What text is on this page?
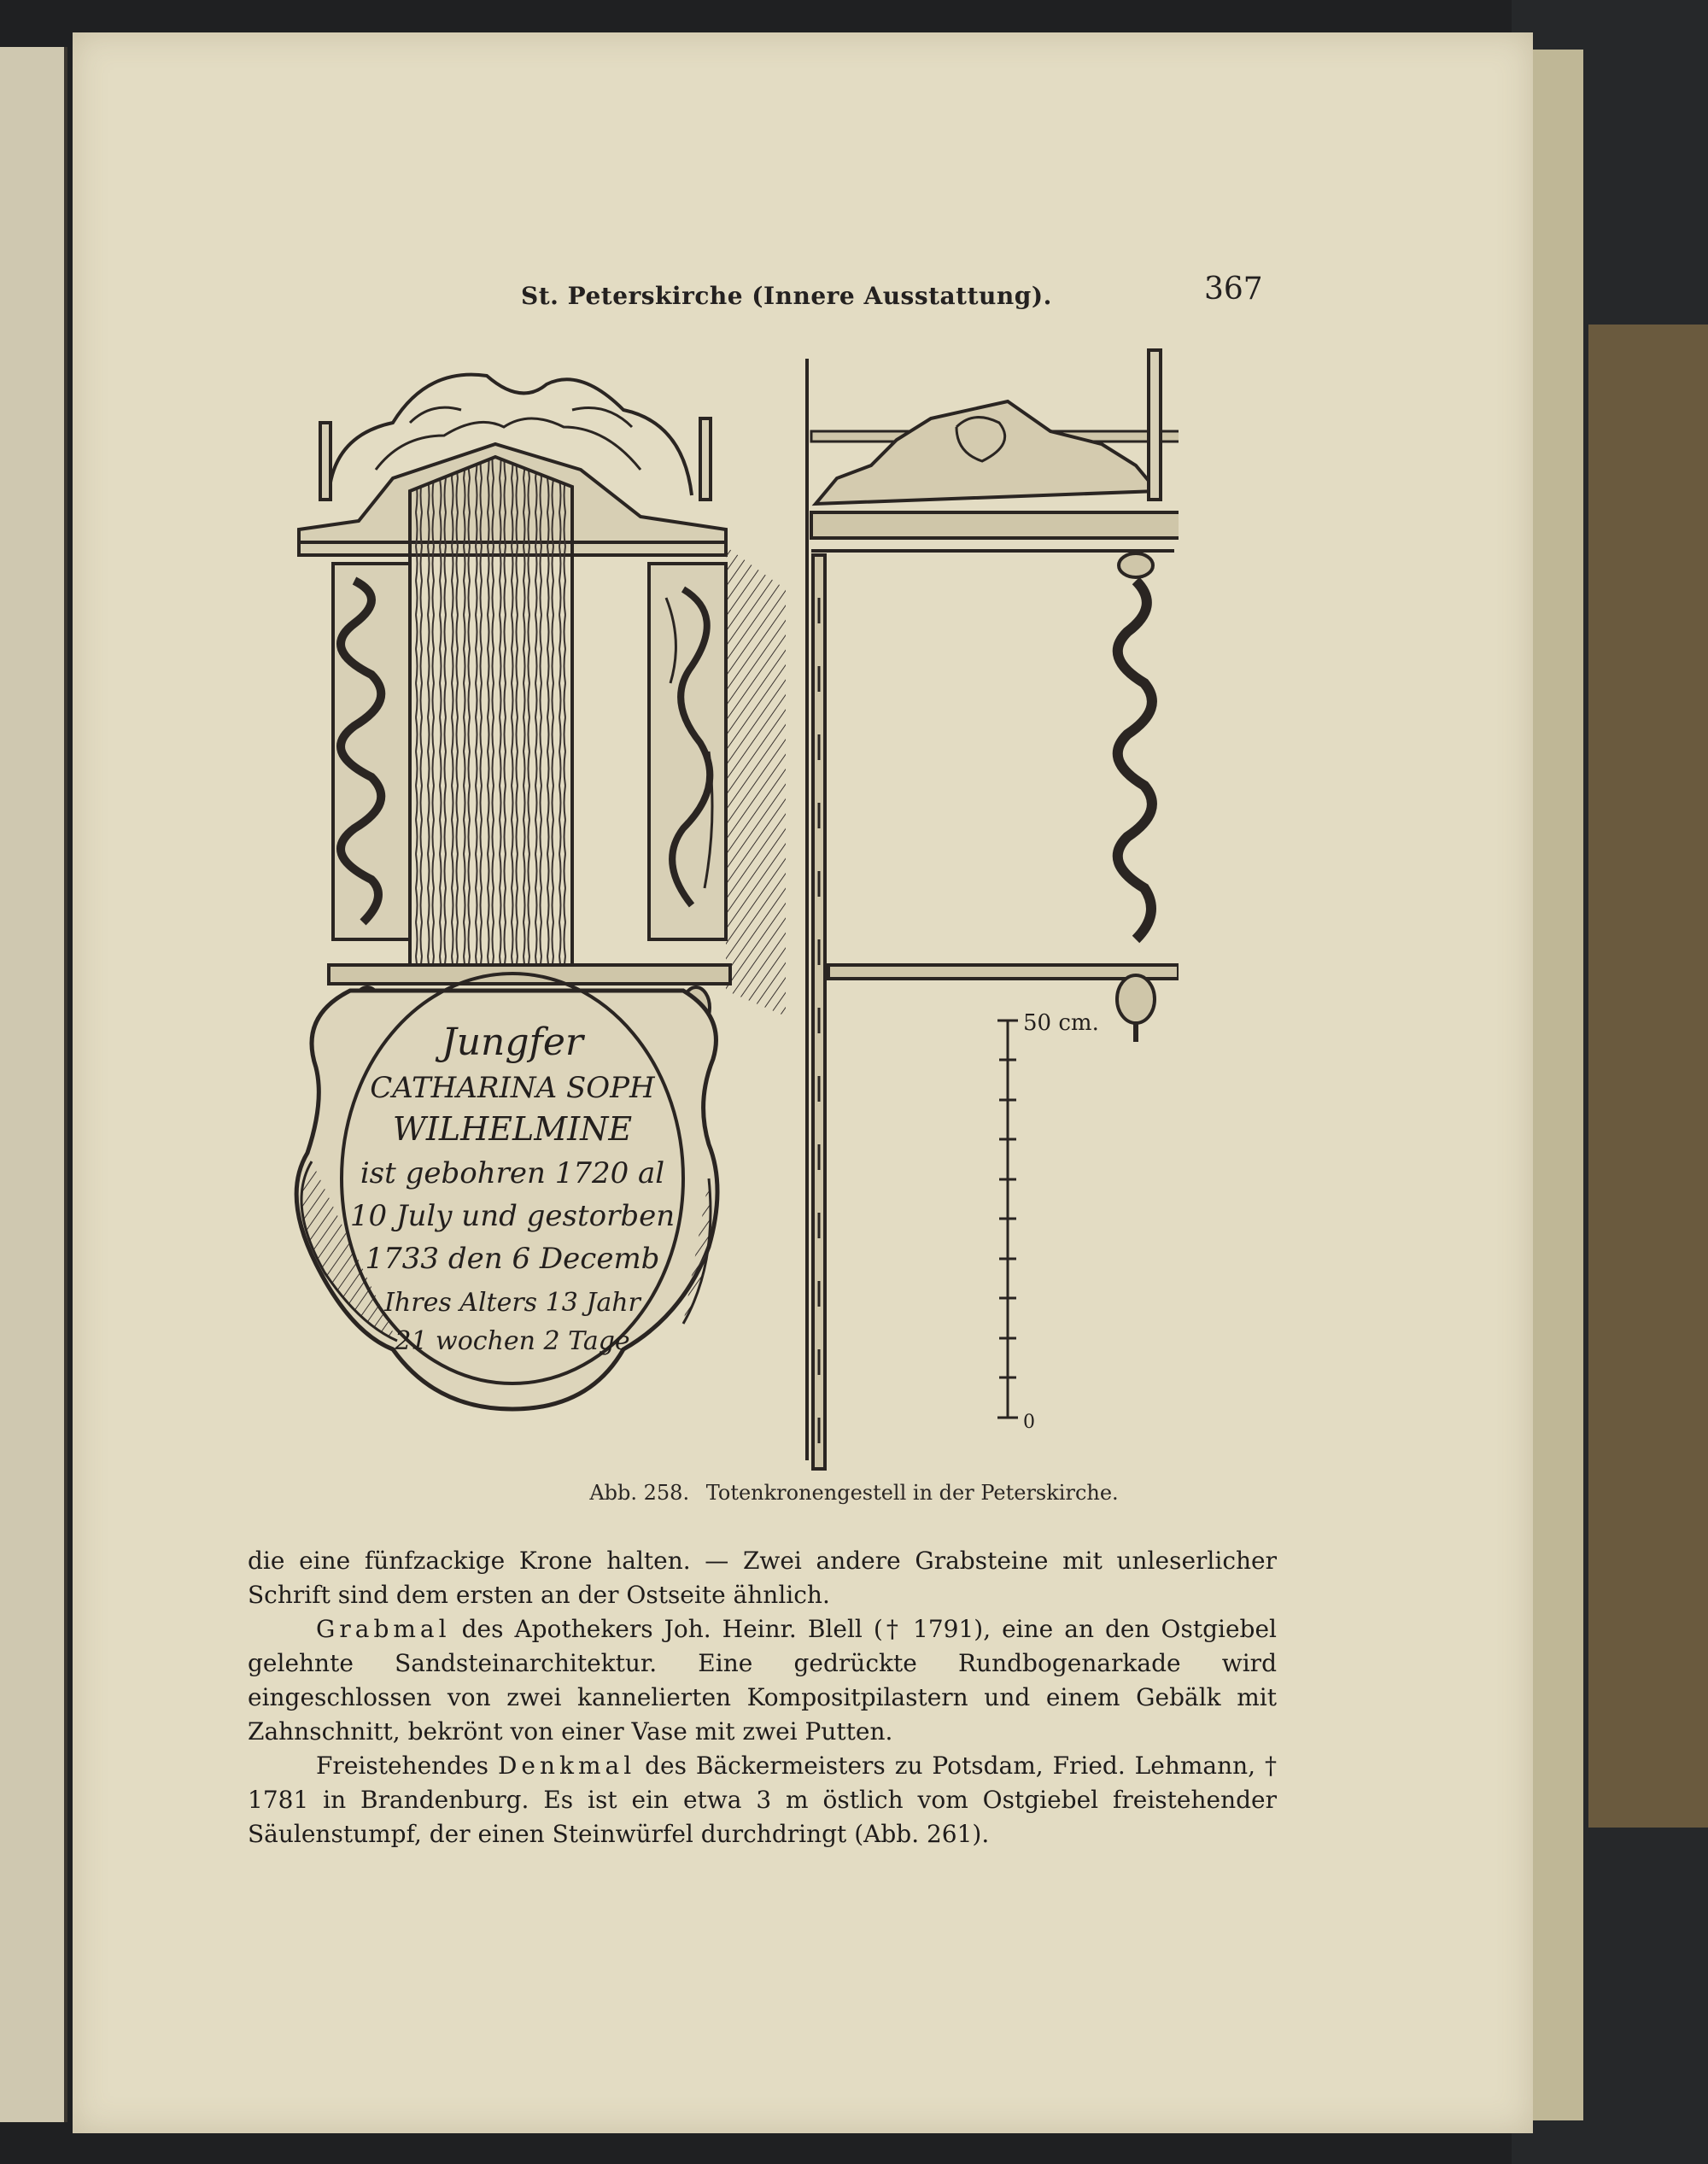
St. Peterskirche (Innere Ausstattung).	367
Jungfer
CATHARINA SOPH
WILHELMINE
ist gebohren 1720 al
10 July und gestorben
1733 den 6 Decemb
Ihres Alters 13 Jahr
21 wochen 2 Tage
50 cm.
0
Abb. 258. Totenkronengestell in der Peterskirche.

die eine fünfzackige Krone halten. — Zwei andere Grabsteine mit unleserlicher Schrift sind dem ersten an der Ostseite ähnlich.

Grabmal des Apothekers Joh. Heinr. Blell († 1791), eine an den Ostgiebel gelehnte Sandsteinarchitektur. Eine gedrückte Rundbogenarkade wird eingeschlossen von zwei kannelierten Kompositpilastern und einem Gebälk mit Zahnschnitt, bekrönt von einer Vase mit zwei Putten.

Freistehendes Denkmal des Bäckermeisters zu Potsdam, Fried. Lehmann, † 1781 in Brandenburg. Es ist ein etwa 3 m östlich vom Ostgiebel freistehender Säulenstumpf, der einen Steinwürfel durchdringt (Abb. 261).
